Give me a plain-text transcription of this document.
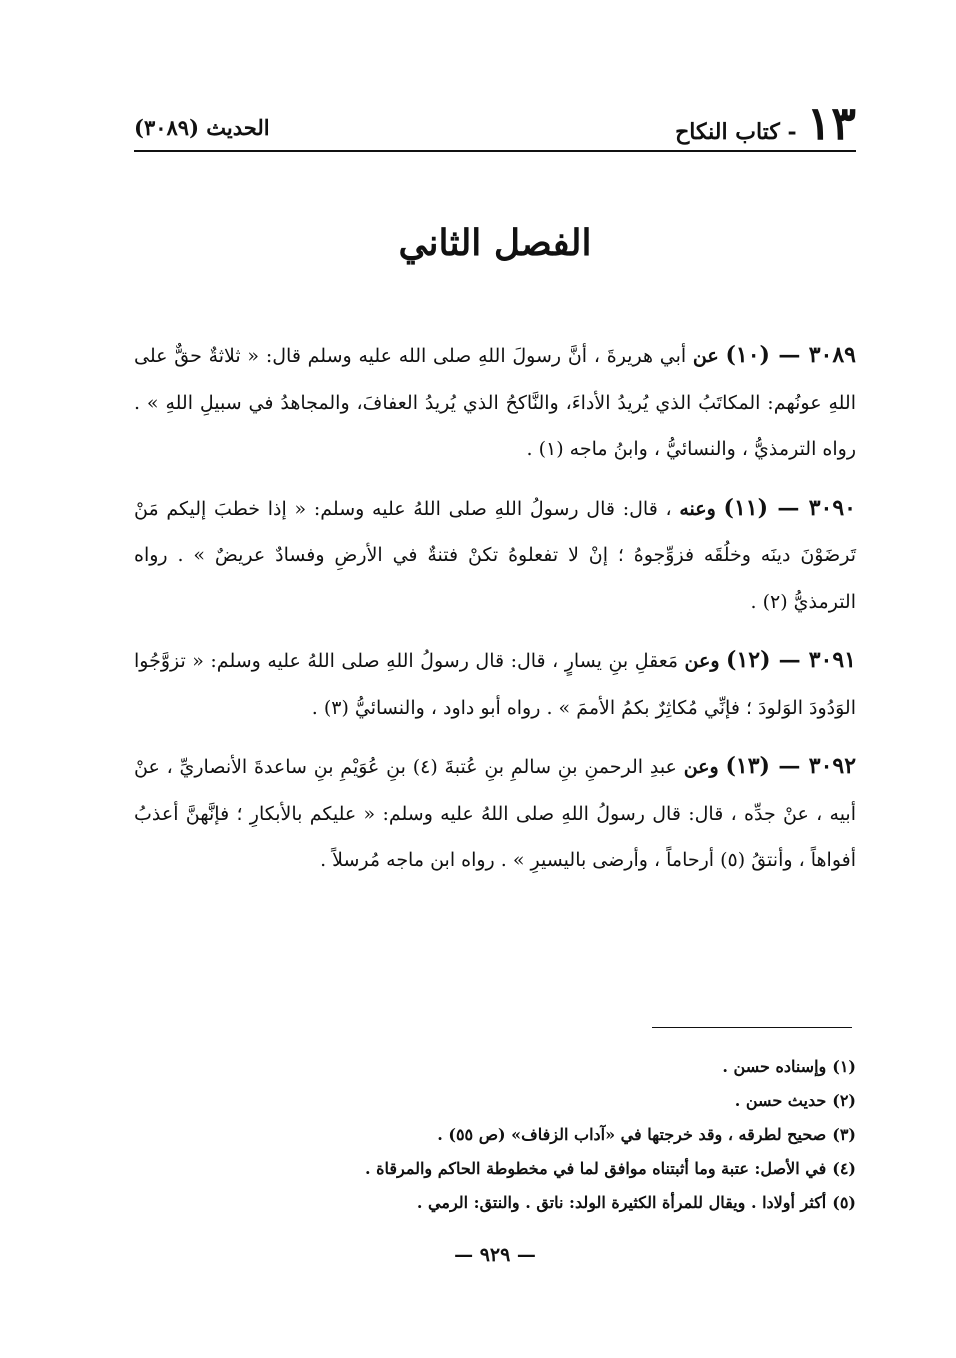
١٣
- كتاب النكاح
الحديث (٣٠٨٩)
الفصل الثاني

٣٠٨٩ — (١٠) عن أبي هريرةَ ، أنَّ رسولَ اللهِ صلى الله عليه وسلم قال: « ثلاثةٌ حقٌّ على اللهِ عونُهم: المكاتَبُ الذي يُريدُ الأداءَ، والنَّاكحُ الذي يُريدُ العفافَ، والمجاهدُ في سبيلِ اللهِ » . رواه الترمذيُّ ، والنسائيُّ ، وابنُ ماجه (١) .

٣٠٩٠ — (١١) وعنه ، قال: قال رسولُ اللهِ صلى اللهُ عليه وسلم: « إذا خطبَ إليكم مَنْ تَرضَوْنَ دينَه وخلُقَه فزوِّجوهُ ؛ إنْ لا تفعلوهُ تكنْ فتنةٌ في الأرضِ وفسادٌ عريضٌ » . رواه الترمذيُّ (٢) .

٣٠٩١ — (١٢) وعن مَعقلِ بنِ يسارٍ ، قال: قال رسولُ اللهِ صلى اللهُ عليه وسلم: « تزوَّجُوا الوَدُودَ الوَلودَ ؛ فإنِّي مُكاثِرٌ بكمُ الأممَ » . رواه أبو داود ، والنسائيُّ (٣) .

٣٠٩٢ — (١٣) وعن عبدِ الرحمنِ بنِ سالمِ بنِ عُتبةَ (٤) بنِ عُوَيْمِ بنِ ساعدةَ الأنصاريِّ ، عنْ أبيه ، عنْ جدِّه ، قال: قال رسولُ اللهِ صلى اللهُ عليه وسلم: « عليكم بالأبكارِ ؛ فإنَّهنَّ أعذبُ أفواهاً ، وأنتقُ (٥) أرحاماً ، وأرضى باليسيرِ » . رواه ابن ماجه مُرسلاً .

(١)
وإسناده حسن .
(٢)
حديث حسن .
(٣)
صحيح لطرقه ، وقد خرجتها في «آداب الزفاف» (ص ٥٥) .
(٤)
في الأصل: عتبة وما أثبتناه موافق لما في مخطوطة الحاكم والمرقاة .
(٥)
أكثر أولادا . ويقال للمرأة الكثيرة الولد: ناتق . والنتق: الرمي .
— ٩٢٩ —
